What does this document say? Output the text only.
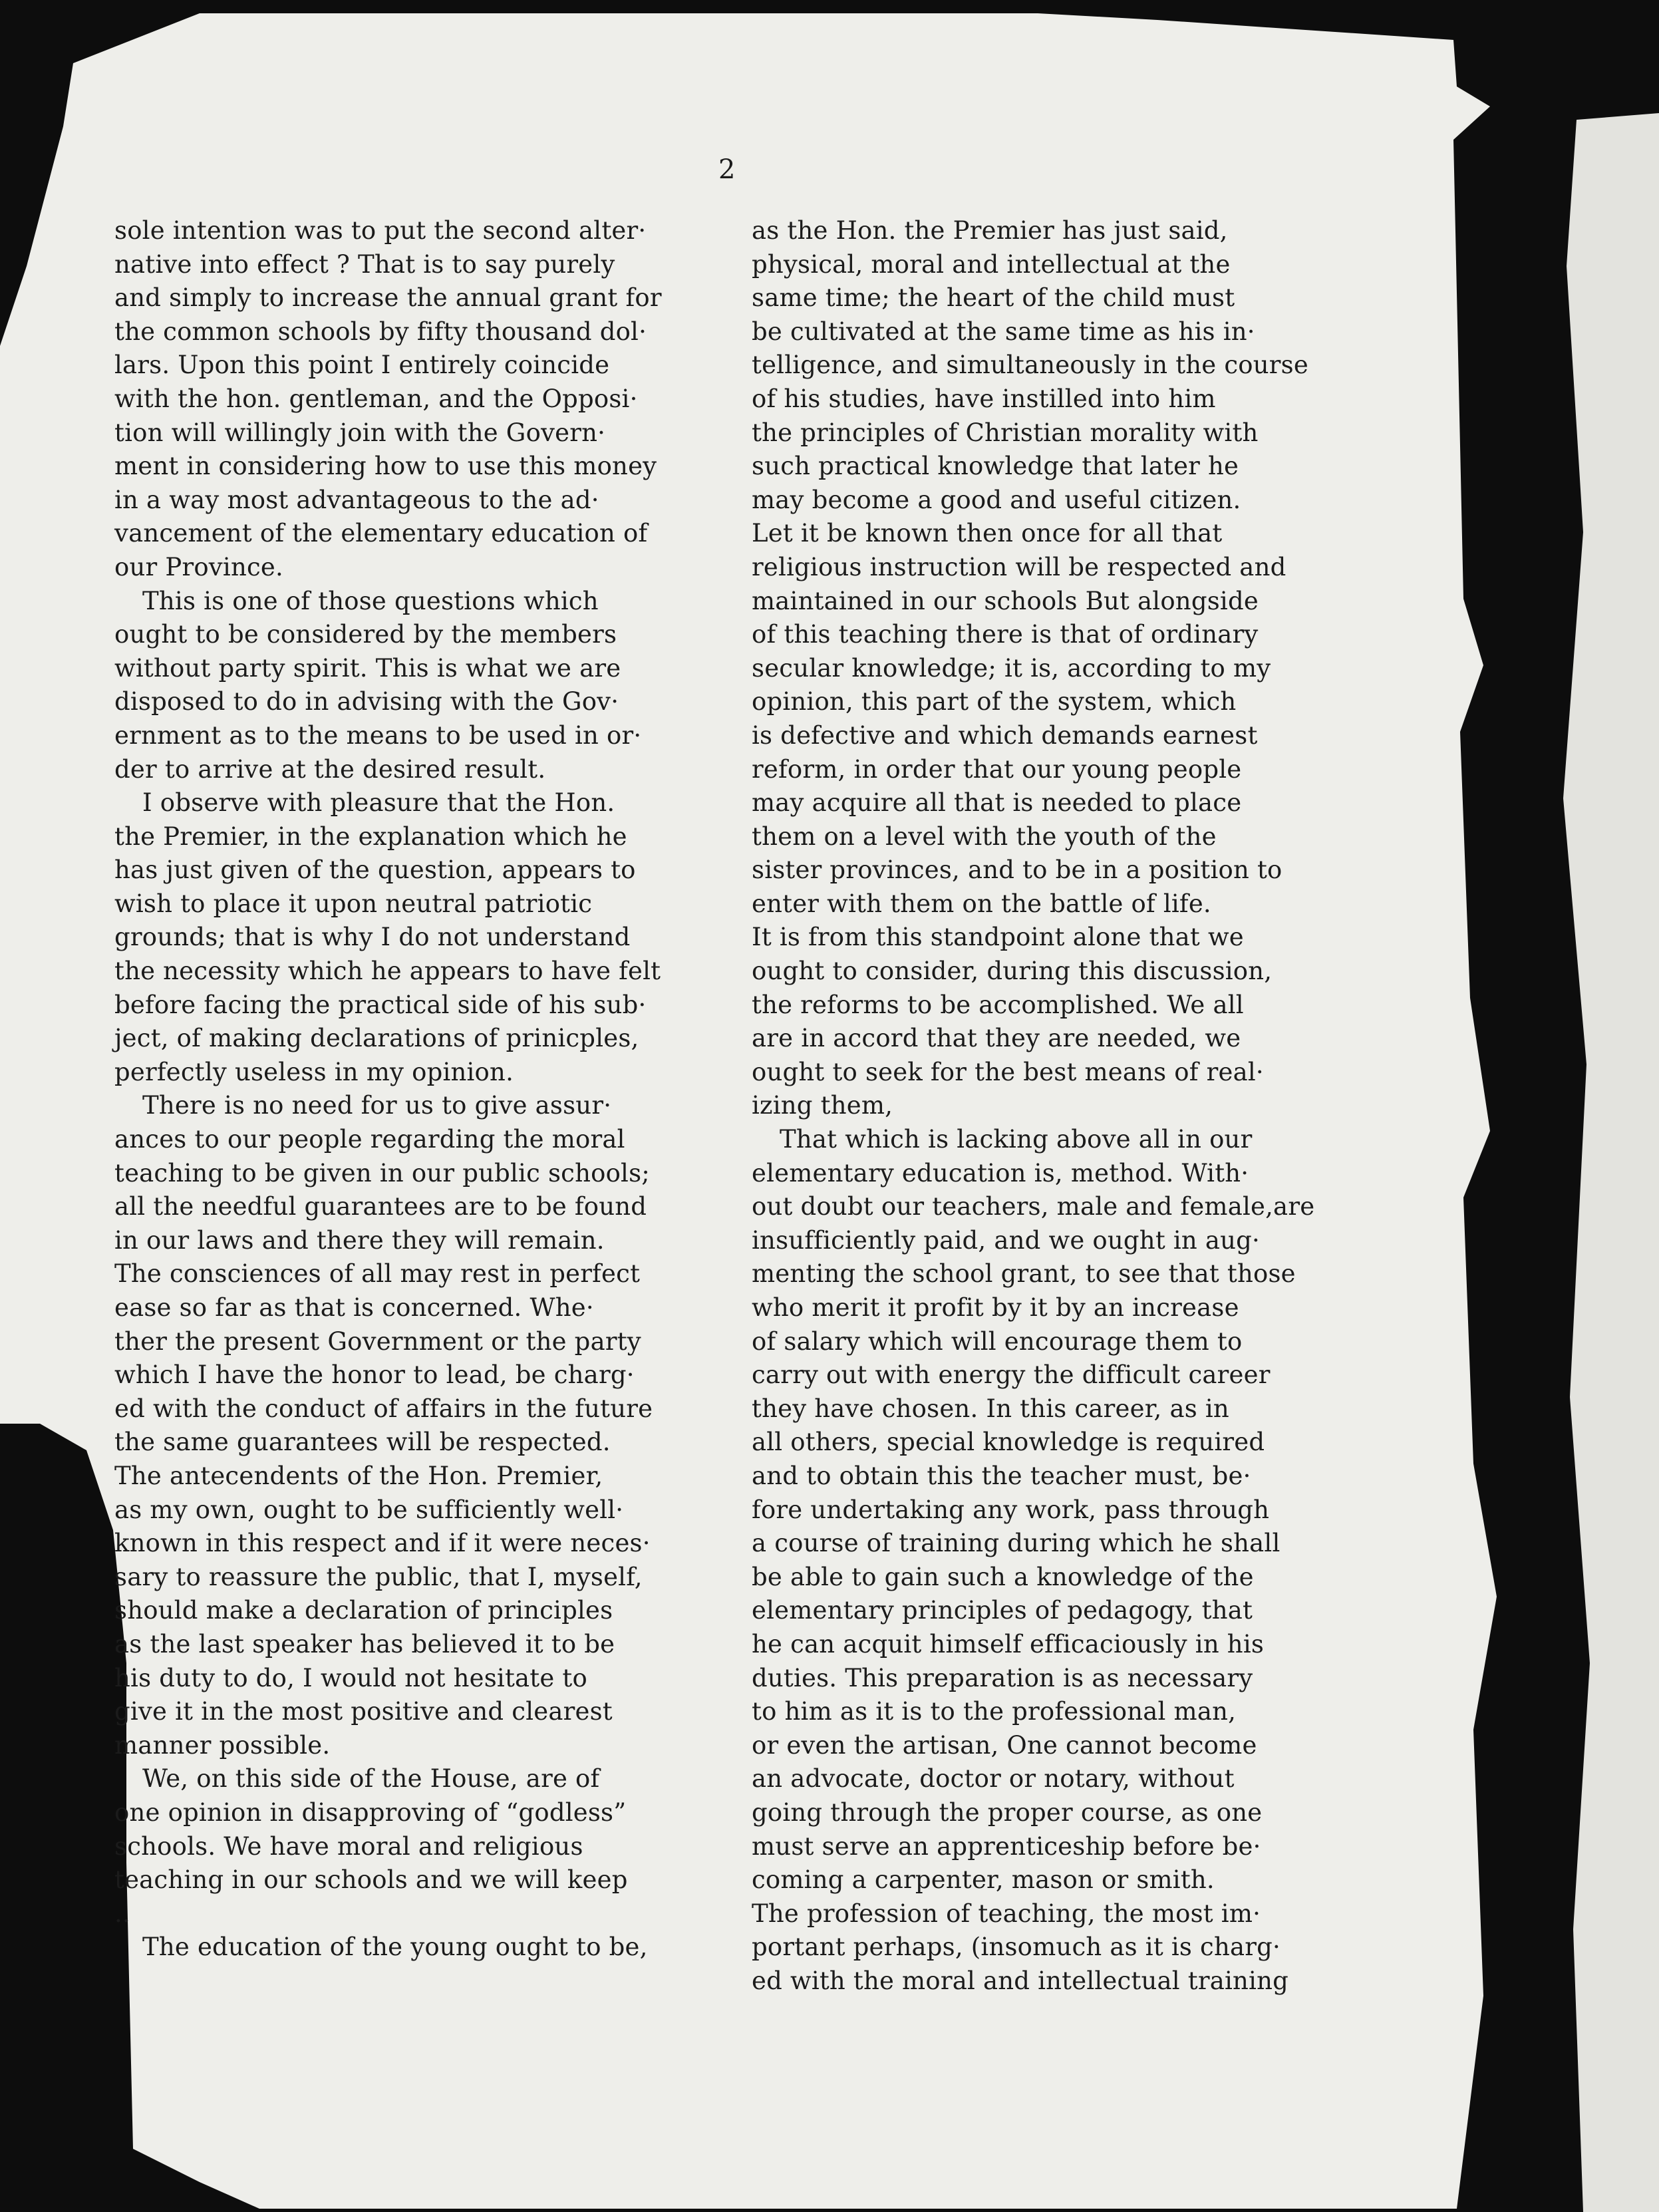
2
sole intention was to put the second alter·
native into effect ? That is to say purely
and simply to increase the annual grant for
the common schools by fifty thousand dol·
lars. Upon this point I entirely coincide
with the hon. gentleman, and the Opposi·
tion will willingly join with the Govern·
ment in considering how to use this money
in a way most advantageous to the ad·
vancement of the elementary education of
our Province.
This is one of those questions which
ought to be considered by the members
without party spirit. This is what we are
disposed to do in advising with the Gov·
ernment as to the means to be used in or·
der to arrive at the desired result.
I observe with pleasure that the Hon.
the Premier, in the explanation which he
has just given of the question, appears to
wish to place it upon neutral patriotic
grounds; that is why I do not understand
the necessity which he appears to have felt
before facing the practical side of his sub·
ject, of making declarations of prinicples,
perfectly useless in my opinion.
There is no need for us to give assur·
ances to our people regarding the moral
teaching to be given in our public schools;
all the needful guarantees are to be found
in our laws and there they will remain.
The consciences of all may rest in perfect
ease so far as that is concerned. Whe·
ther the present Government or the party
which I have the honor to lead, be charg·
ed with the conduct of affairs in the future
the same guarantees will be respected.
The antecendents of the Hon. Premier,
as my own, ought to be sufficiently well·
known in this respect and if it were neces·
sary to reassure the public, that I, myself,
should make a declaration of principles
as the last speaker has believed it to be
his duty to do, I would not hesitate to
give it in the most positive and clearest
manner possible.
We, on this side of the House, are of
one opinion in disapproving of “godless”
schools. We have moral and religious
teaching in our schools and we will keep
..
The education of the young ought to be,
as the Hon. the Premier has just said,
physical, moral and intellectual at the
same time; the heart of the child must
be cultivated at the same time as his in·
telligence, and simultaneously in the course
of his studies, have instilled into him
the principles of Christian morality with
such practical knowledge that later he
may become a good and useful citizen.
Let it be known then once for all that
religious instruction will be respected and
maintained in our schools But alongside
of this teaching there is that of ordinary
secular knowledge; it is, according to my
opinion, this part of the system, which
is defective and which demands earnest
reform, in order that our young people
may acquire all that is needed to place
them on a level with the youth of the
sister provinces, and to be in a position to
enter with them on the battle of life.
It is from this standpoint alone that we
ought to consider, during this discussion,
the reforms to be accomplished. We all
are in accord that they are needed, we
ought to seek for the best means of real·
izing them,
That which is lacking above all in our
elementary education is, method. With·
out doubt our teachers, male and female,are
insufficiently paid, and we ought in aug·
menting the school grant, to see that those
who merit it profit by it by an increase
of salary which will encourage them to
carry out with energy the difficult career
they have chosen. In this career, as in
all others, special knowledge is required
and to obtain this the teacher must, be·
fore undertaking any work, pass through
a course of training during which he shall
be able to gain such a knowledge of the
elementary principles of pedagogy, that
he can acquit himself efficaciously in his
duties. This preparation is as necessary
to him as it is to the professional man,
or even the artisan, One cannot become
an advocate, doctor or notary, without
going through the proper course, as one
must serve an apprenticeship before be·
coming a carpenter, mason or smith.
The profession of teaching, the most im·
portant perhaps, (insomuch as it is charg·
ed with the moral and intellectual training
